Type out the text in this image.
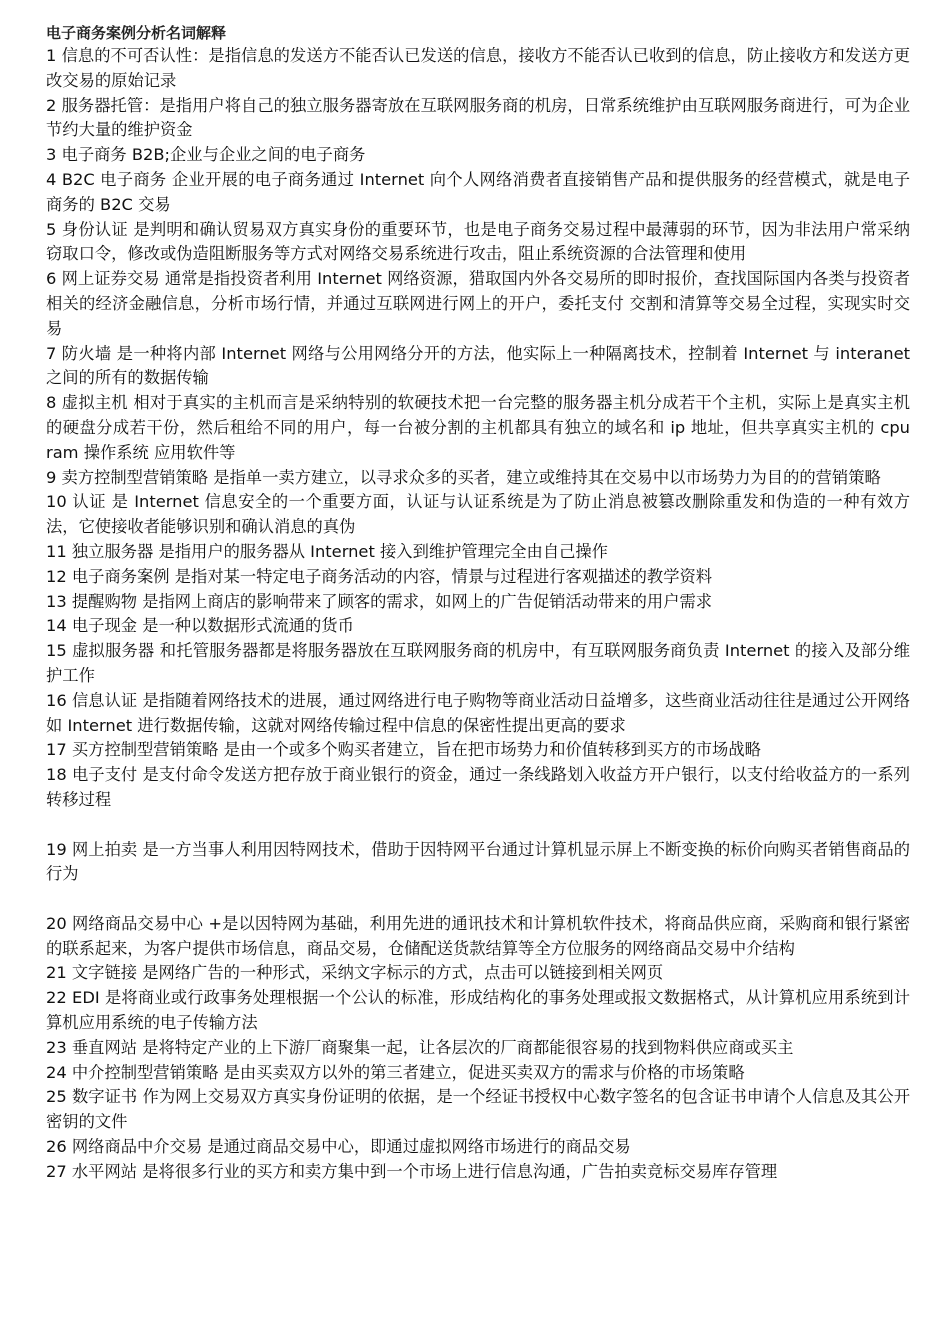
电子商务案例分析名词解释

1 信息的不可否认性：是指信息的发送方不能否认已发送的信息，接收方不能否认已收到的信息，防止接收方和发送方更改交易的原始记录

2 服务器托管：是指用户将自己的独立服务器寄放在互联网服务商的机房，日常系统维护由互联网服务商进行，可为企业节约大量的维护资金

3 电子商务 B2B;企业与企业之间的电子商务

4 B2C 电子商务 企业开展的电子商务通过 Internet 向个人网络消费者直接销售产品和提供服务的经营模式，就是电子商务的 B2C 交易

5 身份认证 是判明和确认贸易双方真实身份的重要环节，也是电子商务交易过程中最薄弱的环节，因为非法用户常采纳窃取口令，修改或伪造阻断服务等方式对网络交易系统进行攻击，阻止系统资源的合法管理和使用

6 网上证券交易 通常是指投资者利用 Internet 网络资源，猎取国内外各交易所的即时报价，查找国际国内各类与投资者相关的经济金融信息，分析市场行情，并通过互联网进行网上的开户，委托支付 交割和清算等交易全过程，实现实时交易

7 防火墙 是一种将内部 Internet 网络与公用网络分开的方法，他实际上一种隔离技术，控制着 Internet 与 interanet 之间的所有的数据传输

8 虚拟主机 相对于真实的主机而言是采纳特别的软硬技术把一台完整的服务器主机分成若干个主机，实际上是真实主机的硬盘分成若干份，然后租给不同的用户，每一台被分割的主机都具有独立的域名和 ip 地址，但共享真实主机的 cpu ram 操作系统 应用软件等

9 卖方控制型营销策略 是指单一卖方建立，以寻求众多的买者，建立或维持其在交易中以市场势力为目的的营销策略

10 认证 是 Internet 信息安全的一个重要方面，认证与认证系统是为了防止消息被篡改删除重发和伪造的一种有效方法，它使接收者能够识别和确认消息的真伪

11 独立服务器 是指用户的服务器从 Internet 接入到维护管理完全由自己操作

12 电子商务案例 是指对某一特定电子商务活动的内容，情景与过程进行客观描述的教学资料

13 提醒购物 是指网上商店的影响带来了顾客的需求，如网上的广告促销活动带来的用户需求

14 电子现金 是一种以数据形式流通的货币

15 虚拟服务器 和托管服务器都是将服务器放在互联网服务商的机房中，有互联网服务商负责 Internet 的接入及部分维护工作

16 信息认证 是指随着网络技术的进展，通过网络进行电子购物等商业活动日益增多，这些商业活动往往是通过公开网络如 Internet 进行数据传输，这就对网络传输过程中信息的保密性提出更高的要求

17 买方控制型营销策略 是由一个或多个购买者建立，旨在把市场势力和价值转移到买方的市场战略

18 电子支付 是支付命令发送方把存放于商业银行的资金，通过一条线路划入收益方开户银行，以支付给收益方的一系列转移过程

19 网上拍卖 是一方当事人利用因特网技术，借助于因特网平台通过计算机显示屏上不断变换的标价向购买者销售商品的行为

20 网络商品交易中心 +是以因特网为基础，利用先进的通讯技术和计算机软件技术，将商品供应商，采购商和银行紧密的联系起来，为客户提供市场信息，商品交易，仓储配送货款结算等全方位服务的网络商品交易中介结构

21 文字链接 是网络广告的一种形式，采纳文字标示的方式，点击可以链接到相关网页

22 EDI 是将商业或行政事务处理根据一个公认的标准，形成结构化的事务处理或报文数据格式，从计算机应用系统到计算机应用系统的电子传输方法

23 垂直网站 是将特定产业的上下游厂商聚集一起，让各层次的厂商都能很容易的找到物料供应商或买主

24 中介控制型营销策略 是由买卖双方以外的第三者建立，促进买卖双方的需求与价格的市场策略

25 数字证书 作为网上交易双方真实身份证明的依据，是一个经证书授权中心数字签名的包含证书申请个人信息及其公开密钥的文件

26 网络商品中介交易 是通过商品交易中心，即通过虚拟网络市场进行的商品交易

27 水平网站 是将很多行业的买方和卖方集中到一个市场上进行信息沟通，广告拍卖竞标交易库存管理
